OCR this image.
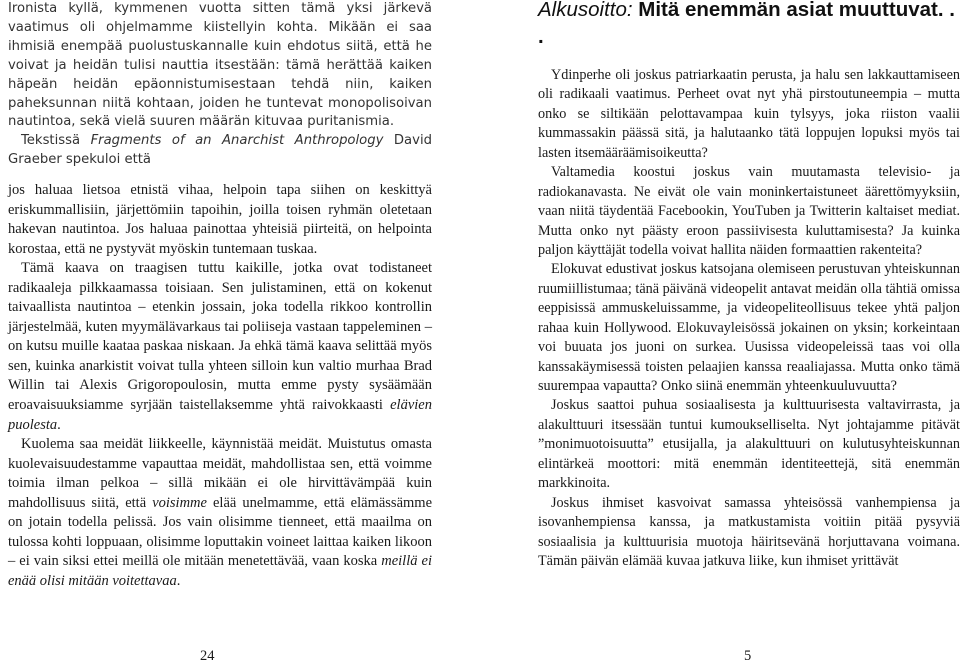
Ironista kyllä, kymmenen vuotta sitten tämä yksi järkevä vaatimus oli ohjelmamme kiistellyin kohta. Mikään ei saa ihmisiä enempää puolustuskannalle kuin ehdotus siitä, että he voivat ja heidän tulisi nauttia itsestään: tämä herättää kaiken häpeän heidän epäonnistumisestaan tehdä niin, kaiken paheksunnan niitä kohtaan, joiden he tuntevat monopolisoivan nautintoa, sekä vielä suuren määrän kituvaa puritanismia.

Tekstissä Fragments of an Anarchist Anthropology David Graeber spekuloi että

jos haluaa lietsoa etnistä vihaa, helpoin tapa siihen on keskittyä eriskummallisiin, järjettömiin tapoihin, joilla toisen ryhmän oletetaan hakevan nautintoa. Jos haluaa painottaa yhteisiä piirteitä, on helpointa korostaa, että ne pystyvät myöskin tuntemaan tuskaa.

Tämä kaava on traagisen tuttu kaikille, jotka ovat todistaneet radikaaleja pilkkaamassa toisiaan. Sen julistaminen, että on kokenut taivaallista nautintoa – etenkin jossain, joka todella rikkoo kontrollin järjestelmää, kuten myymälävarkaus tai poliiseja vastaan tappeleminen – on kutsu muille kaataa paskaa niskaan. Ja ehkä tämä kaava selittää myös sen, kuinka anarkistit voivat tulla yhteen silloin kun valtio murhaa Brad Willin tai Alexis Grigoropoulosin, mutta emme pysty sysäämään eroavaisuuksiamme syrjään taistellaksemme yhtä raivokkaasti elävien puolesta.

Kuolema saa meidät liikkeelle, käynnistää meidät. Muistutus omasta kuolevaisuudestamme vapauttaa meidät, mahdollistaa sen, että voimme toimia ilman pelkoa – sillä mikään ei ole hirvittävämpää kuin mahdollisuus siitä, että voisimme elää unelmamme, että elämässämme on jotain todella pelissä. Jos vain olisimme tienneet, että maailma on tulossa kohti loppuaan, olisimme loputtakin voineet laittaa kaiken likoon – ei vain siksi ettei meillä ole mitään menetettävää, vaan koska meillä ei enää olisi mitään voitettavaa.

24
Alkusoitto: Mitä enemmän asiat muuttuvat. . .

Ydinperhe oli joskus patriarkaatin perusta, ja halu sen lakkauttamiseen oli radikaali vaatimus. Perheet ovat nyt yhä pirstoutuneempia – mutta onko se siltikään pelottavampaa kuin tylsyys, joka riiston vaalii kummassakin päässä sitä, ja halutaanko tätä loppujen lopuksi myös tai lasten itsemääräämisoikeutta?

Valtamedia koostui joskus vain muutamasta televisio- ja radiokanavasta. Ne eivät ole vain moninkertaistuneet äärettömyyksiin, vaan niitä täydentää Facebookin, YouTuben ja Twitterin kaltaiset mediat. Mutta onko nyt päästy eroon passiivisesta kuluttamisesta? Ja kuinka paljon käyttäjät todella voivat hallita näiden formaattien rakenteita?

Elokuvat edustivat joskus katsojana olemiseen perustuvan yhteiskunnan ruumiillistumaa; tänä päivänä videopelit antavat meidän olla tähtiä omissa eeppisissä ammuskeluissamme, ja videopeliteollisuus tekee yhtä paljon rahaa kuin Hollywood. Elokuvayleisössä jokainen on yksin; korkeintaan voi buuata jos juoni on surkea. Uusissa videopeleissä taas voi olla kanssakäymisessä toisten pelaajien kanssa reaaliajassa. Mutta onko tämä suurempaa vapautta? Onko siinä enemmän yhteenkuuluvuutta?

Joskus saattoi puhua sosiaalisesta ja kulttuurisesta valtavirrasta, ja alakulttuuri itsessään tuntui kumoukselliselta. Nyt johtajamme pitävät ”monimuotoisuutta” etusijalla, ja alakulttuuri on kulutusyhteiskunnan elintärkeä moottori: mitä enemmän identiteettejä, sitä enemmän markkinoita.

Joskus ihmiset kasvoivat samassa yhteisössä vanhempiensa ja isovanhempiensa kanssa, ja matkustamista voitiin pitää pysyviä sosiaalisia ja kulttuurisia muotoja häiritsevänä horjuttavana voimana. Tämän päivän elämää kuvaa jatkuva liike, kun ihmiset yrittävät

5
